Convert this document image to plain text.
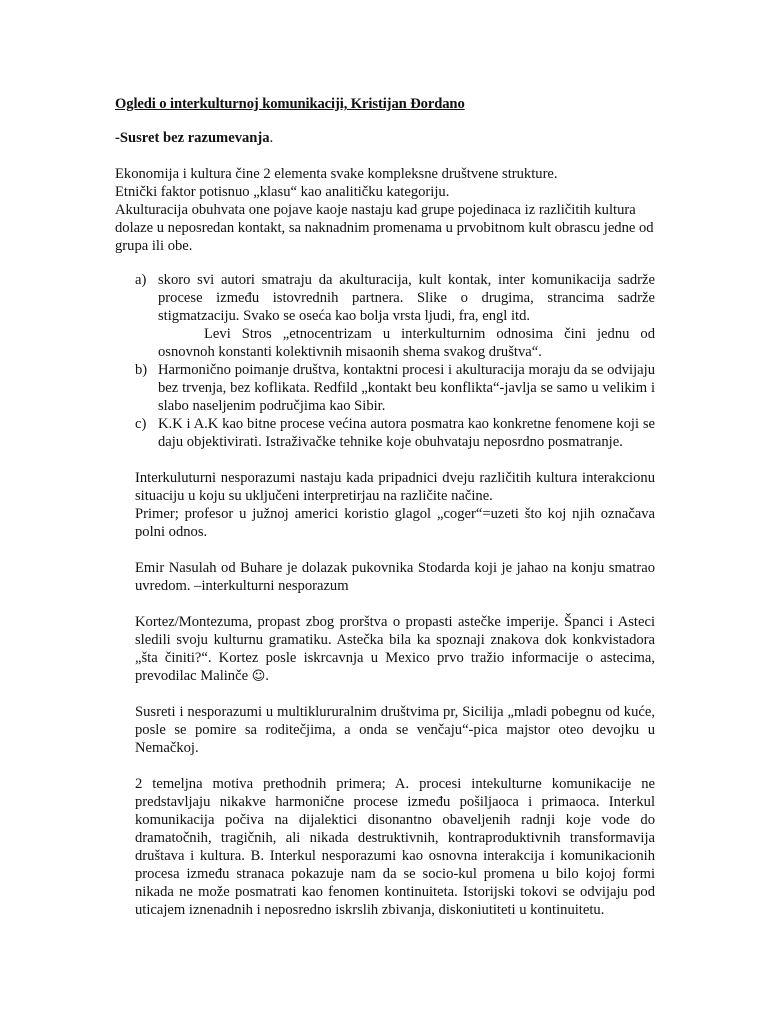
Ogledi o interkulturnoj komunikaciji, Kristijan Đordano
-Susret bez razumevanja.

Ekonomija i kultura čine 2 elementa svake kompleksne društvene strukture.

Etnički faktor potisnuo „klasu“ kao analitičku kategoriju.

Akulturacija obuhvata one pojave kaoje nastaju kad grupe pojedinaca iz različitih kultura dolaze u neposredan kontakt, sa naknadnim promenama u prvobitnom kult obrascu jedne od grupa ili obe.

a) skoro svi autori smatraju da akulturacija, kult kontak, inter komunikacija sadrže procese između istovrednih partnera. Slike o drugima, strancima sadrže stigmatzaciju. Svako se oseća kao bolja vrsta ljudi, fra, engl itd.

Levi Stros „etnocentrizam u interkulturnim odnosima čini jednu od osnovnoh konstanti kolektivnih misaonih shema svakog društva“.

b) Harmonično poimanje društva, kontaktni procesi i akulturacija moraju da se odvijaju bez trvenja, bez koflikata. Redfild „kontakt beu konflikta“-javlja se samo u velikim i slabo naseljenim područjima kao Sibir.
c) K.K i A.K kao bitne procese većina autora posmatra kao konkretne fenomene koji se daju objektivirati. Istraživačke tehnike koje obuhvataju neposrdno posmatranje.

Interkuluturni nesporazumi nastaju kada pripadnici dveju različitih kultura interakcionu situaciju u koju su uključeni interpretirjau na različite načine.

Primer; profesor u južnoj americi koristio glagol „coger“=uzeti što koj njih označava polni odnos.

Emir Nasulah od Buhare je dolazak pukovnika Stodarda koji je jahao na konju smatrao uvredom. –interkulturni nesporazum
Kortez/Montezuma, propast zbog prorštva o propasti astečke imperije. Španci i Asteci sledili svoju kulturnu gramatiku. Astečka bila ka spoznaji znakova dok konkvistadora „šta činiti?“. Kortez posle iskrcavnja u Mexico prvo tražio informacije o astecima, prevodilac Malinče ☺.
Susreti i nesporazumi u multiklururalnim društvima pr, Sicilija „mladi pobegnu od kuće, posle se pomire sa roditečjima, a onda se venčaju“-pica majstor oteo devojku u Nemačkoj.
2 temeljna motiva prethodnih primera; A. procesi intekulturne komunikacije ne predstavljaju nikakve harmonične procese između pošiljaoca i primaoca. Interkul komunikacija počiva na dijalektici disonantno obaveljenih radnji koje vode do dramatočnih, tragičnih, ali nikada destruktivnih, kontraproduktivnih transformavija društava i kultura. B. Interkul nesporazumi kao osnovna interakcija i komunikacionih procesa između stranaca pokazuje nam da se socio-kul promena u bilo kojoj formi nikada ne može posmatrati kao fenomen kontinuiteta. Istorijski tokovi se odvijaju pod uticajem iznenadnih i neposredno iskrslih zbivanja, diskoniutiteti u kontinuitetu.
